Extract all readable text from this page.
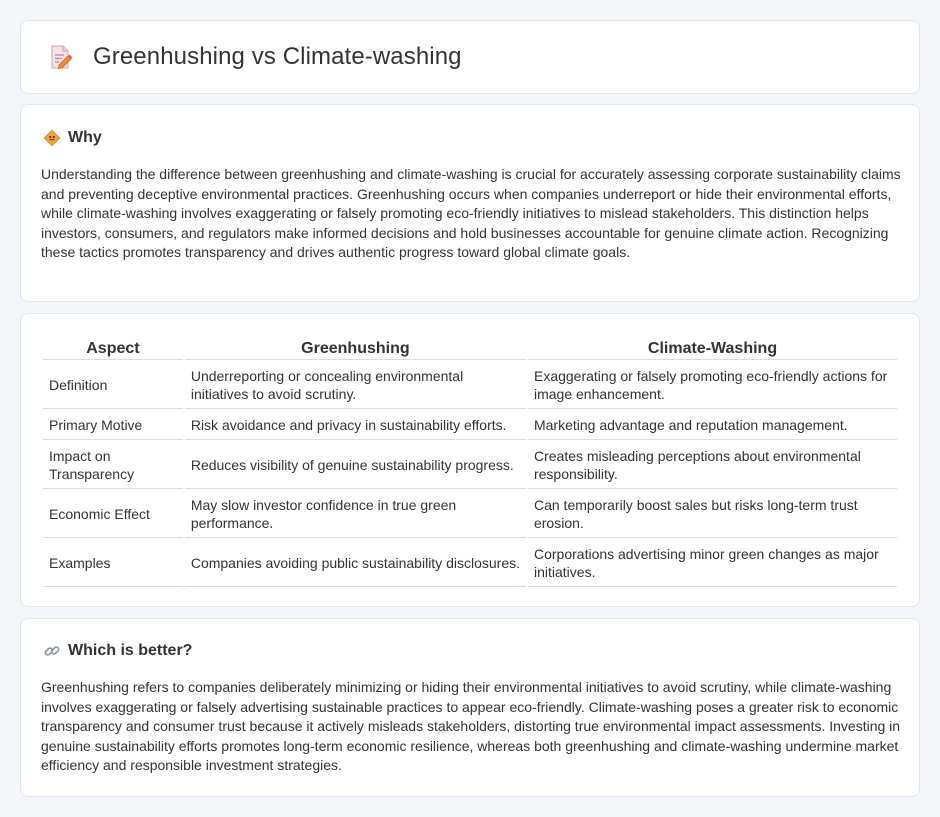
Greenhushing vs Climate-washing
Why

Understanding the difference between greenhushing and climate-washing is crucial for accurately assessing corporate sustainability claims and preventing deceptive environmental practices. Greenhushing occurs when companies underreport or hide their environmental efforts, while climate-washing involves exaggerating or falsely promoting eco-friendly initiatives to mislead stakeholders. This distinction helps investors, consumers, and regulators make informed decisions and hold businesses accountable for genuine climate action. Recognizing these tactics promotes transparency and drives authentic progress toward global climate goals.

Aspect	Greenhushing	Climate-Washing
Definition	Underreporting or concealing environmental initiatives to avoid scrutiny.	Exaggerating or falsely promoting eco-friendly actions for image enhancement.
Primary Motive	Risk avoidance and privacy in sustainability efforts.	Marketing advantage and reputation management.
Impact on Transparency	Reduces visibility of genuine sustainability progress.	Creates misleading perceptions about environmental responsibility.
Economic Effect	May slow investor confidence in true green performance.	Can temporarily boost sales but risks long-term trust erosion.
Examples	Companies avoiding public sustainability disclosures.	Corporations advertising minor green changes as major initiatives.
Which is better?

Greenhushing refers to companies deliberately minimizing or hiding their environmental initiatives to avoid scrutiny, while climate-washing involves exaggerating or falsely advertising sustainable practices to appear eco-friendly. Climate-washing poses a greater risk to economic transparency and consumer trust because it actively misleads stakeholders, distorting true environmental impact assessments. Investing in genuine sustainability efforts promotes long-term economic resilience, whereas both greenhushing and climate-washing undermine market efficiency and responsible investment strategies.
